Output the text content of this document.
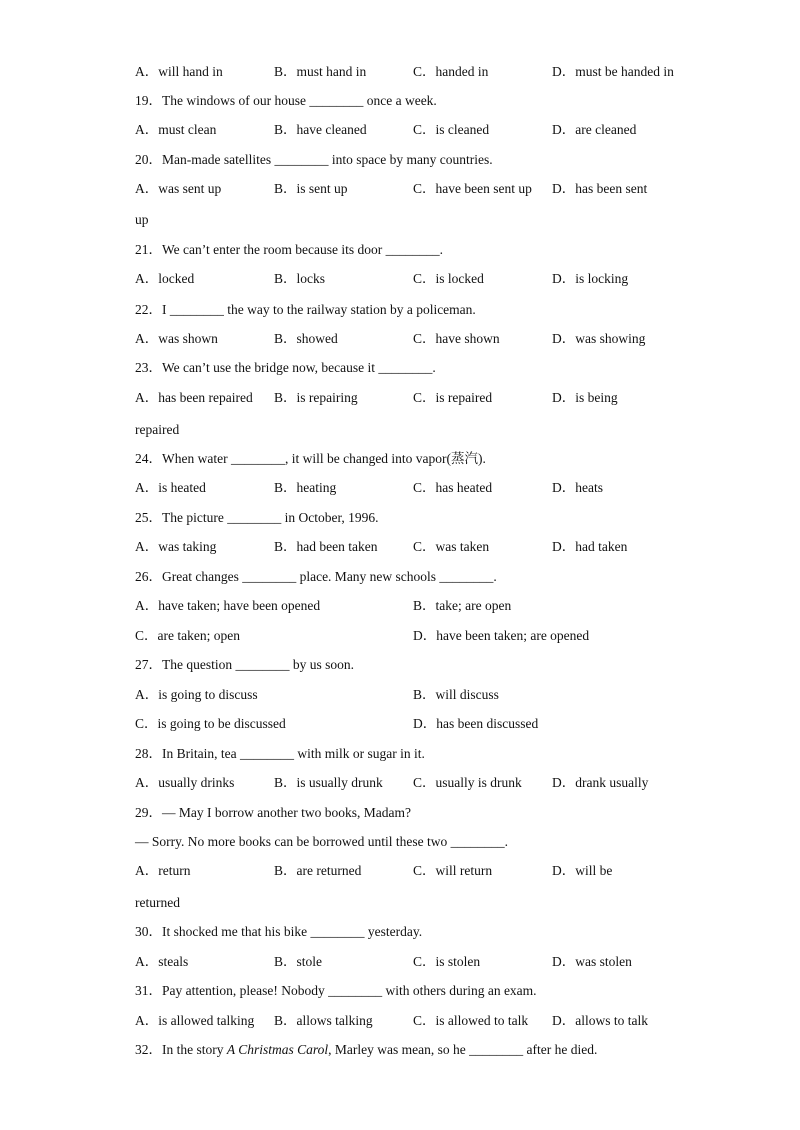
A．will hand in	B．must hand in	C．handed in	D．must be handed in
19．The windows of our house ________ once a week.
A．must clean	B．have cleaned	C．is cleaned	D．are cleaned
20．Man-made satellites ________ into space by many countries.
A．was sent up	B．is sent up	C．have been sent up D．has been sent
up
21．We can’t enter the room because its door ________.
A．locked	B．locks	C．is locked	D．is locking
22．I ________ the way to the railway station by a policeman.
A．was shown	B．showed	C．have shown	D．was showing
23．We can’t use the bridge now, because it ________.
A．has been repaired B．is repairing	C．is repaired	D．is being
repaired
24．When water ________, it will be changed into vapor(蒸汽).
A．is heated	B．heating	C．has heated	D．heats
25．The picture ________ in October, 1996.
A．was taking	B．had been taken	C．was taken	D．had taken
26．Great changes ________ place. Many new schools ________.
A．have taken; have been opened	B．take; are open
C．are taken; open	D．have been taken; are opened
27．The question ________ by us soon.
A．is going to discuss	B．will discuss
C．is going to be discussed	D．has been discussed
28．In Britain, tea ________ with milk or sugar in it.
A．usually drinks	B．is usually drunk C．usually is drunk D．drank usually
29．— May I borrow another two books, Madam?
— Sorry. No more books can be borrowed until these two ________.
A．return	B．are returned	C．will return	D．will be
returned
30．It shocked me that his bike ________ yesterday.
A．steals	B．stole	C．is stolen	D．was stolen
31．Pay attention, please! Nobody ________ with others during an exam.
A．is allowed talking B．allows talking	C．is allowed to talk D．allows to talk
32．In the story A Christmas Carol, Marley was mean, so he ________ after he died.
